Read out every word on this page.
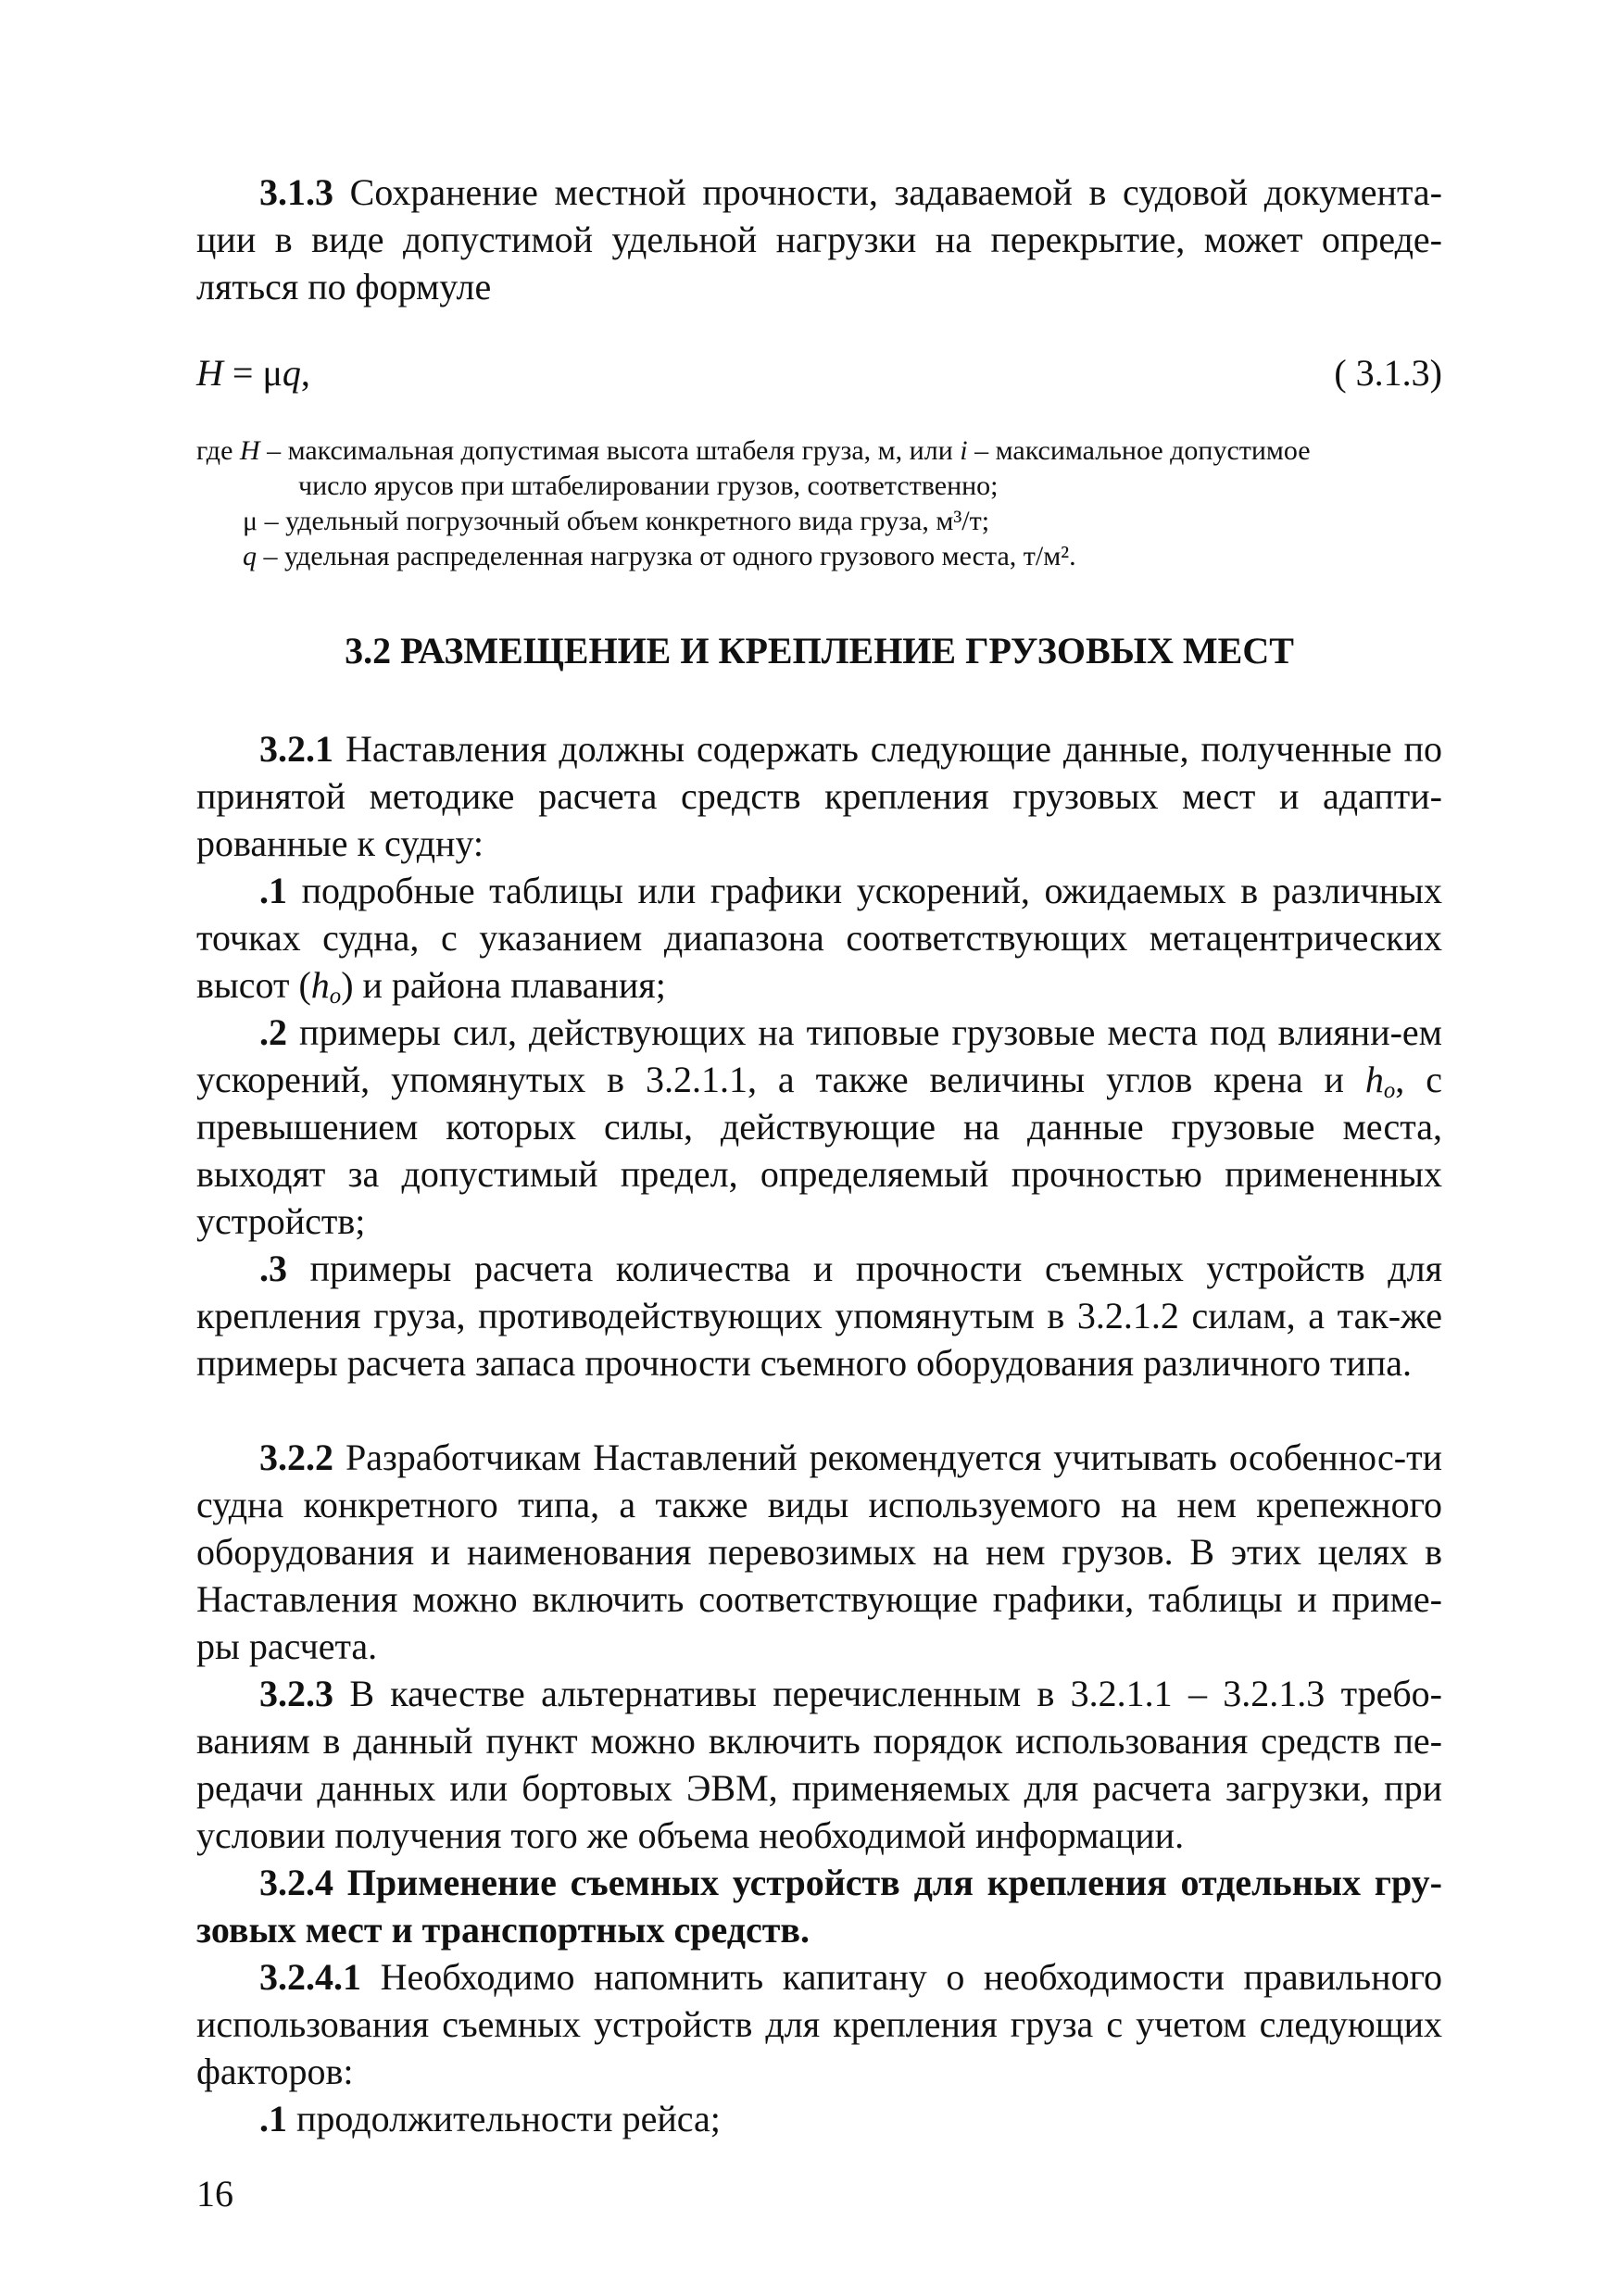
3.1.3 Сохранение местной прочности, задаваемой в судовой документа-ции в виде допустимой удельной нагрузки на перекрытие, может опреде-ляться по формуле

H = μq,	( 3.1.3)
где H – максимальная допустимая высота штабеля груза, м, или i – максимальное допустимое
число ярусов при штабелировании грузов, соответственно;
μ – удельный погрузочный объем конкретного вида груза, м³/т;
q – удельная распределенная нагрузка от одного грузового места, т/м².
3.2 РАЗМЕЩЕНИЕ И КРЕПЛЕНИЕ ГРУЗОВЫХ МЕСТ

3.2.1 Наставления должны содержать следующие данные, полученные по принятой методике расчета средств крепления грузовых мест и адапти-рованные к судну:

.1 подробные таблицы или графики ускорений, ожидаемых в различных точках судна, с указанием диапазона соответствующих метацентрических высот $(h_o)$ и района плавания;

.2 примеры сил, действующих на типовые грузовые места под влияни-ем ускорений, упомянутых в 3.2.1.1, а также величины углов крена и $h_o$, с превышением которых силы, действующие на данные грузовые места, выходят за допустимый предел, определяемый прочностью примененных устройств;

.3 примеры расчета количества и прочности съемных устройств для крепления груза, противодействующих упомянутым в 3.2.1.2 силам, а так-же примеры расчета запаса прочности съемного оборудования различного типа.

3.2.2 Разработчикам Наставлений рекомендуется учитывать особеннос-ти судна конкретного типа, а также виды используемого на нем крепежного оборудования и наименования перевозимых на нем грузов. В этих целях в Наставления можно включить соответствующие графики, таблицы и приме-ры расчета.

3.2.3 В качестве альтернативы перечисленным в 3.2.1.1 – 3.2.1.3 требо-ваниям в данный пункт можно включить порядок использования средств пе-редачи данных или бортовых ЭВМ, применяемых для расчета загрузки, при условии получения того же объема необходимой информации.

3.2.4 Применение съемных устройств для крепления отдельных гру-зовых мест и транспортных средств.

3.2.4.1 Необходимо напомнить капитану о необходимости правильного использования съемных устройств для крепления груза с учетом следующих факторов:

.1 продолжительности рейса;

16
